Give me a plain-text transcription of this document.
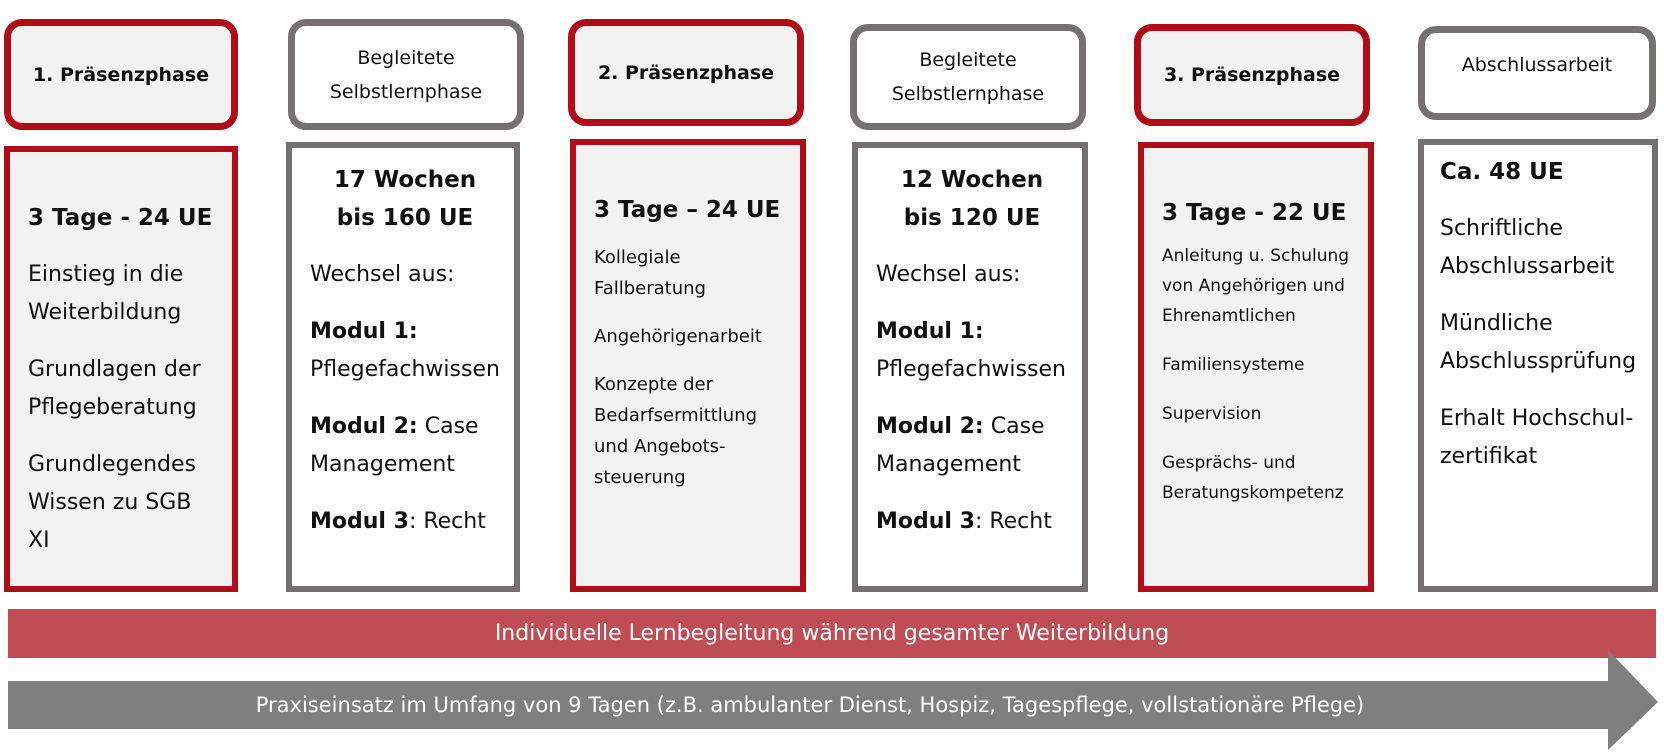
1. Präsenzphase
Begleitete
Selbstlernphase
2. Präsenzphase
Begleitete
Selbstlernphase
3. Präsenzphase	Abschlussarbeit

3 Tage - 24 UE

Einstieg in die Weiterbildung

Grundlagen der Pflegeberatung

Grundlegendes Wissen zu SGB XI

17 Wochen
bis 160 UE

Wechsel aus:

Modul 1:
Pflegefachwissen

Modul 2: Case Management

Modul 3: Recht

3 Tage – 24 UE

Kollegiale Fallberatung

Angehörigenarbeit

Konzepte der Bedarfsermittlung und Angebots-steuerung

12 Wochen
bis 120 UE

Wechsel aus:

Modul 1:
Pflegefachwissen

Modul 2: Case Management

Modul 3: Recht

3 Tage - 22 UE

Anleitung u. Schulung von Angehörigen und Ehrenamtlichen

Familiensysteme

Supervision

Gesprächs- und Beratungskompetenz

Ca. 48 UE

Schriftliche Abschlussarbeit

Mündliche Abschlussprüfung

Erhalt Hochschul-zertifikat

Individuelle Lernbegleitung während gesamter Weiterbildung
Praxiseinsatz im Umfang von 9 Tagen (z.B. ambulanter Dienst, Hospiz, Tagespflege, vollstationäre Pflege)
